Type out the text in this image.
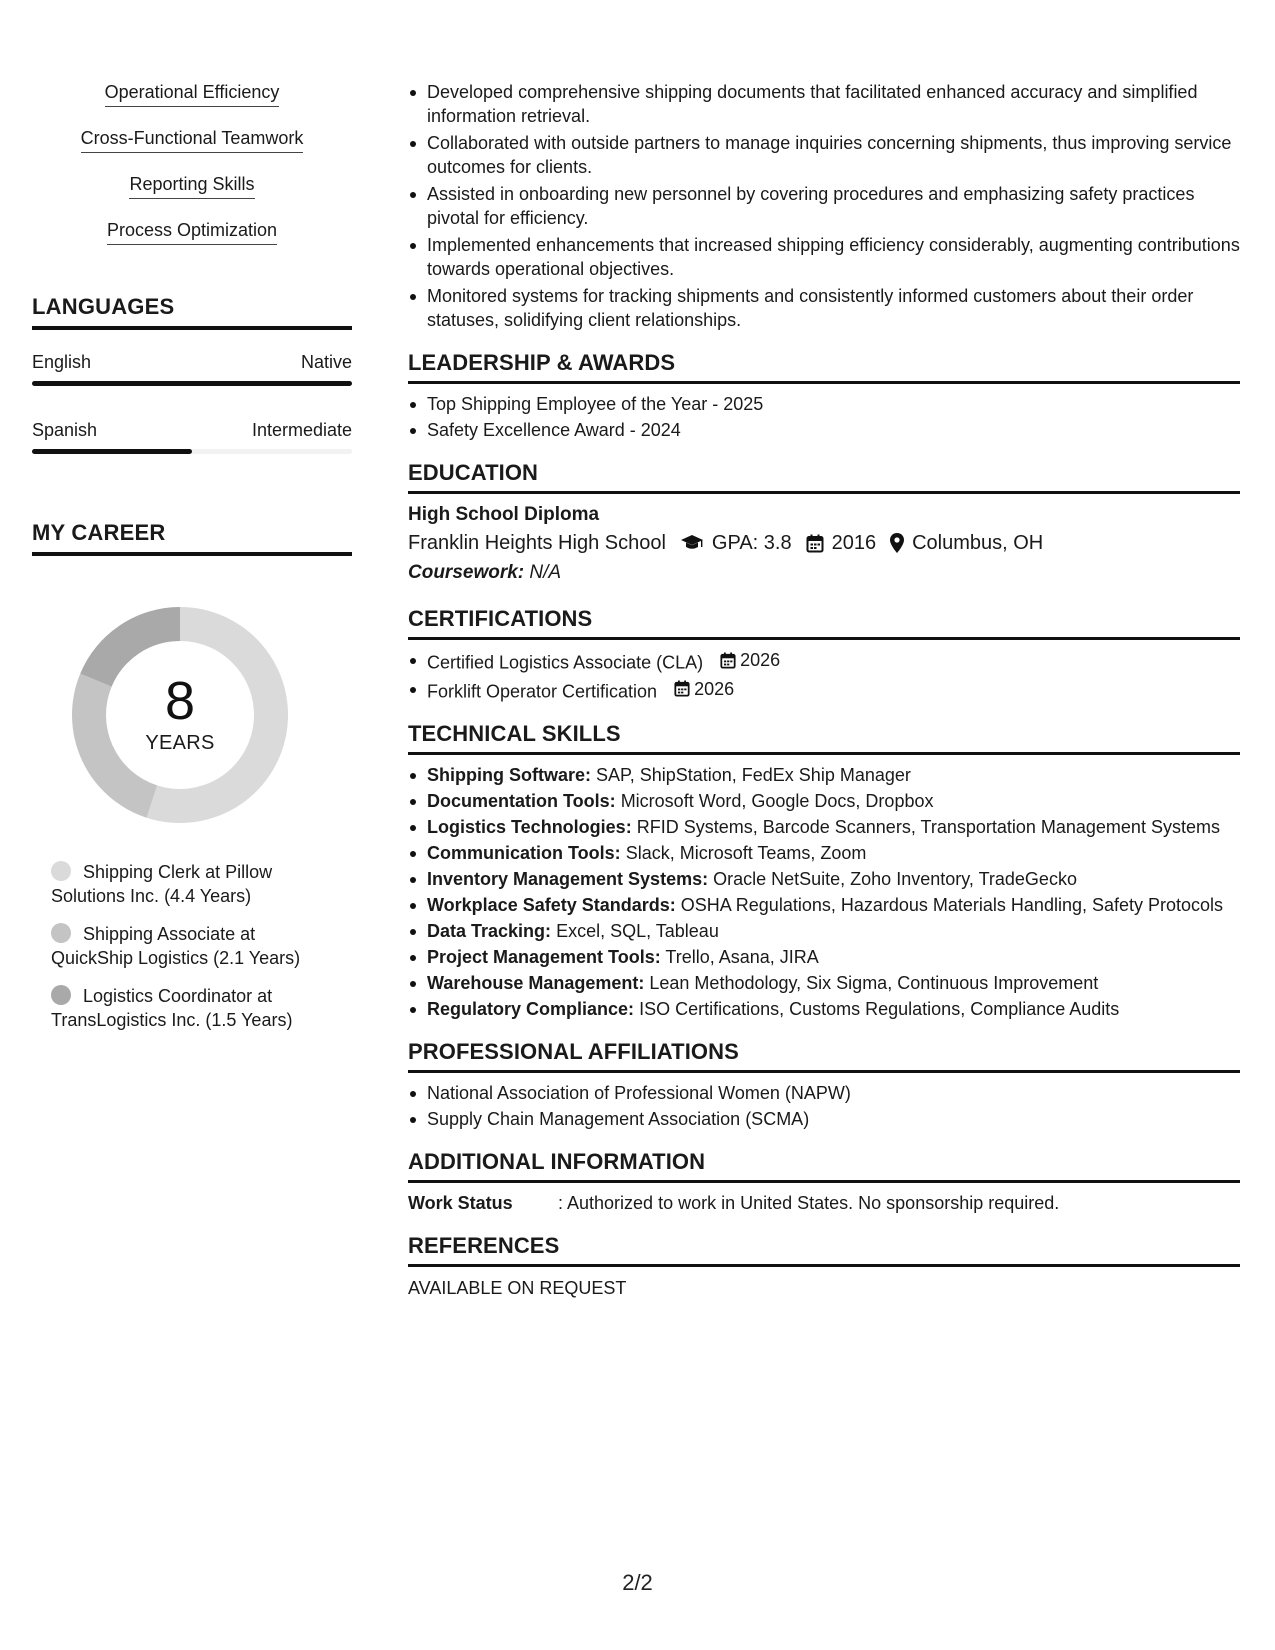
Operational Efficiency
Cross-Functional Teamwork
Reporting Skills
Process Optimization
LANGUAGES
English	Native
Spanish	Intermediate
MY CAREER
8
YEARS
Shipping Clerk at Pillow Solutions Inc. (4.4 Years)
Shipping Associate at QuickShip Logistics (2.1 Years)
Logistics Coordinator at TransLogistics Inc. (1.5 Years)
Developed comprehensive shipping documents that facilitated enhanced accuracy and simplified information retrieval.
Collaborated with outside partners to manage inquiries concerning shipments, thus improving service outcomes for clients.
Assisted in onboarding new personnel by covering procedures and emphasizing safety practices pivotal for efficiency.
Implemented enhancements that increased shipping efficiency considerably, augmenting contributions towards operational objectives.
Monitored systems for tracking shipments and consistently informed customers about their order statuses, solidifying client relationships.
LEADERSHIP & AWARDS
Top Shipping Employee of the Year - 2025
Safety Excellence Award - 2024
EDUCATION
High School Diploma
Franklin Heights High School GPA: 3.8 2016 Columbus, OH
Coursework: N/A
CERTIFICATIONS
Certified Logistics Associate (CLA) 2026
Forklift Operator Certification 2026
TECHNICAL SKILLS
Shipping Software: SAP, ShipStation, FedEx Ship Manager
Documentation Tools: Microsoft Word, Google Docs, Dropbox
Logistics Technologies: RFID Systems, Barcode Scanners, Transportation Management Systems
Communication Tools: Slack, Microsoft Teams, Zoom
Inventory Management Systems: Oracle NetSuite, Zoho Inventory, TradeGecko
Workplace Safety Standards: OSHA Regulations, Hazardous Materials Handling, Safety Protocols
Data Tracking: Excel, SQL, Tableau
Project Management Tools: Trello, Asana, JIRA
Warehouse Management: Lean Methodology, Six Sigma, Continuous Improvement
Regulatory Compliance: ISO Certifications, Customs Regulations, Compliance Audits
PROFESSIONAL AFFILIATIONS
National Association of Professional Women (NAPW)
Supply Chain Management Association (SCMA)
ADDITIONAL INFORMATION
Work Status	: Authorized to work in United States. No sponsorship required.
REFERENCES
AVAILABLE ON REQUEST
2/2
